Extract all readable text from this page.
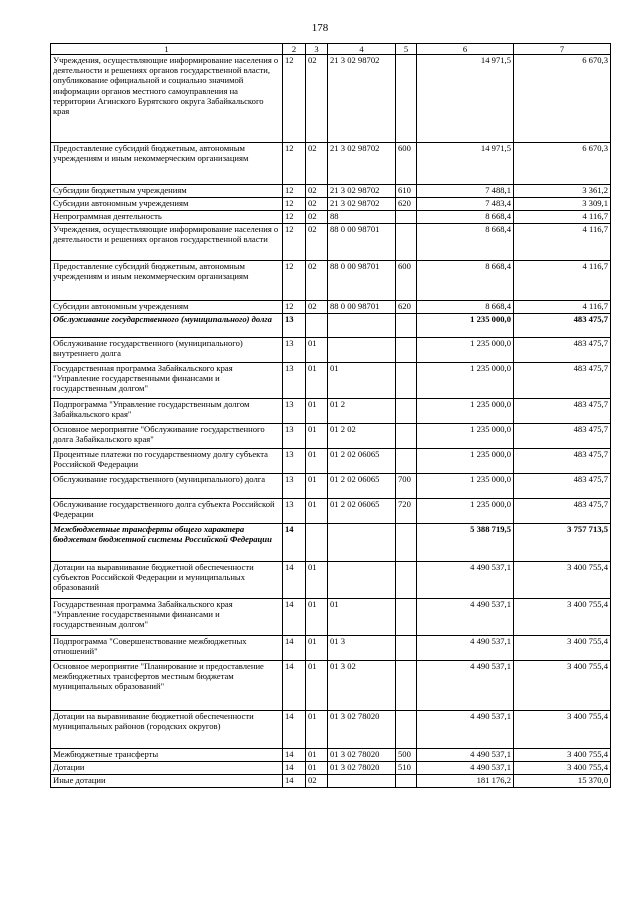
178
1	2	3	4	5	6	7
Учреждения, осуществляющие информирование населения о деятельности и решениях органов государственной власти, опубликование официальной и социально значимой информации органов местного самоуправления на территории Агинского Бурятского округа Забайкальского края	12	02	21 3 02 98702		14 971,5	6 670,3
Предоставление субсидий бюджетным, автономным учреждениям и иным некоммерческим организациям	12	02	21 3 02 98702	600	14 971,5	6 670,3
Субсидии бюджетным учреждениям	12	02	21 3 02 98702	610	7 488,1	3 361,2
Субсидии автономным учреждениям	12	02	21 3 02 98702	620	7 483,4	3 309,1
Непрограммная деятельность	12	02	88		8 668,4	4 116,7
Учреждения, осуществляющие информирование населения о деятельности и решениях органов государственной власти	12	02	88 0 00 98701		8 668,4	4 116,7
Предоставление субсидий бюджетным, автономным учреждениям и иным некоммерческим организациям	12	02	88 0 00 98701	600	8 668,4	4 116,7
Субсидии автономным учреждениям	12	02	88 0 00 98701	620	8 668,4	4 116,7
Обслуживание государственного (муниципального) долга	13				1 235 000,0	483 475,7
Обслуживание государственного (муниципального) внутреннего долга	13	01			1 235 000,0	483 475,7
Государственная программа Забайкальского края "Управление государственными финансами и государственным долгом"	13	01	01		1 235 000,0	483 475,7
Подпрограмма "Управление государственным долгом Забайкальского края"	13	01	01 2		1 235 000,0	483 475,7
Основное мероприятие "Обслуживание государственного долга Забайкальского края"	13	01	01 2 02		1 235 000,0	483 475,7
Процентные платежи по государственному долгу субъекта Российской Федерации	13	01	01 2 02 06065		1 235 000,0	483 475,7
Обслуживание государственного (муниципального) долга	13	01	01 2 02 06065	700	1 235 000,0	483 475,7
Обслуживание государственного долга субъекта Российской Федерации	13	01	01 2 02 06065	720	1 235 000,0	483 475,7
Межбюджетные трансферты общего характера бюджетам бюджетной системы Российской Федерации	14				5 388 719,5	3 757 713,5
Дотации на выравнивание бюджетной обеспеченности субъектов Российской Федерации и муниципальных образований	14	01			4 490 537,1	3 400 755,4
Государственная программа Забайкальского края "Управление государственными финансами и государственным долгом"	14	01	01		4 490 537,1	3 400 755,4
Подпрограмма "Совершенствование межбюджетных отношений"	14	01	01 3		4 490 537,1	3 400 755,4
Основное мероприятие "Планирование и предоставление межбюджетных трансфертов местным бюджетам муниципальных образований"	14	01	01 3 02		4 490 537,1	3 400 755,4
Дотации на выравнивание бюджетной обеспеченности муниципальных районов (городских округов)	14	01	01 3 02 78020		4 490 537,1	3 400 755,4
Межбюджетные трансферты	14	01	01 3 02 78020	500	4 490 537,1	3 400 755,4
Дотации	14	01	01 3 02 78020	510	4 490 537,1	3 400 755,4
Иные дотации	14	02			181 176,2	15 370,0
